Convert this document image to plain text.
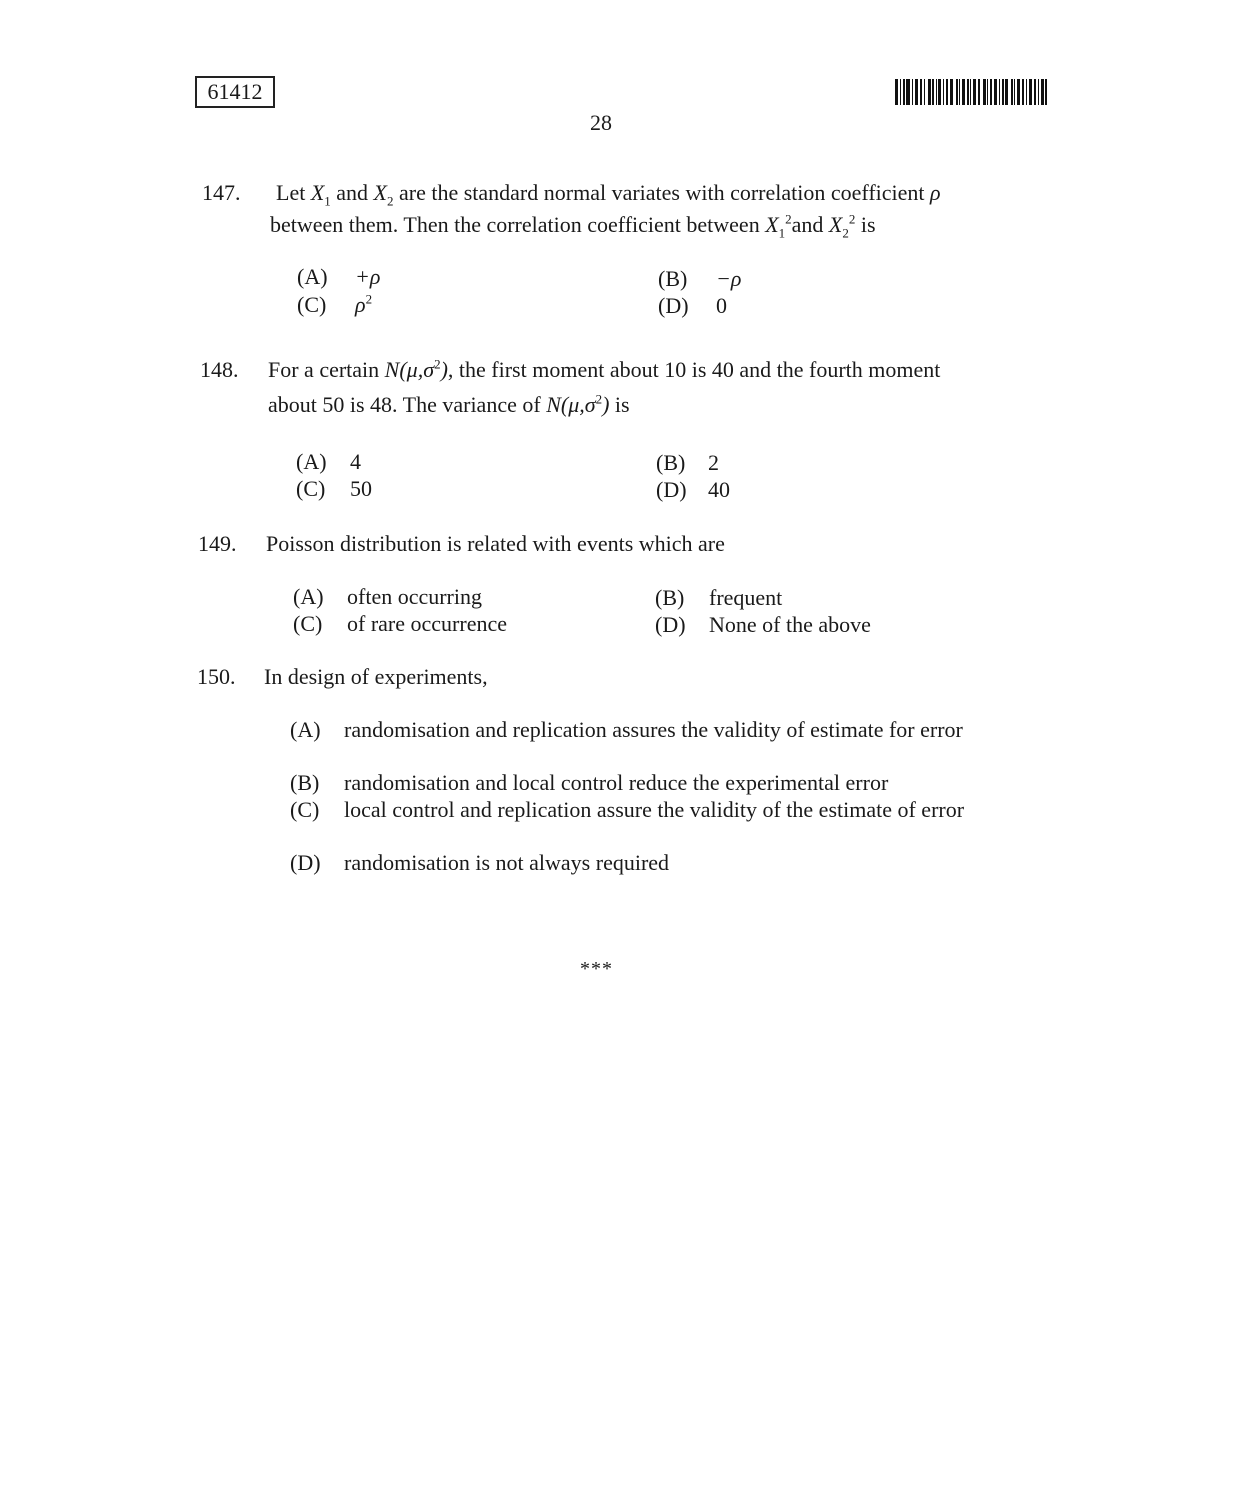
61412
28
147. Let $X_1$ and $X_2$ are the standard normal variates with correlation coefficient ρ
between them. Then the correlation coefficient between $X_1^2and$ $X_2^2$ is
(A) +ρ	(B) −ρ
(C) $\rho^2$	(D) 0
148. For a certain $N(\mu,\sigma^2)$, the first moment about 10 is 40 and the fourth moment
about 50 is 48. The variance of $N(\mu,\sigma^2)$ is
(A) 4	(B) 2
(C) 50	(D) 40
149. Poisson distribution is related with events which are
(A) often occurring	(B) frequent
(C) of rare occurrence	(D) None of the above
150. In design of experiments,
(A)	randomisation and replication assures the validity of estimate for error
(B)	randomisation and local control reduce the experimental error
(C)	local control and replication assure the validity of the estimate of error
(D)	randomisation is not always required
***
